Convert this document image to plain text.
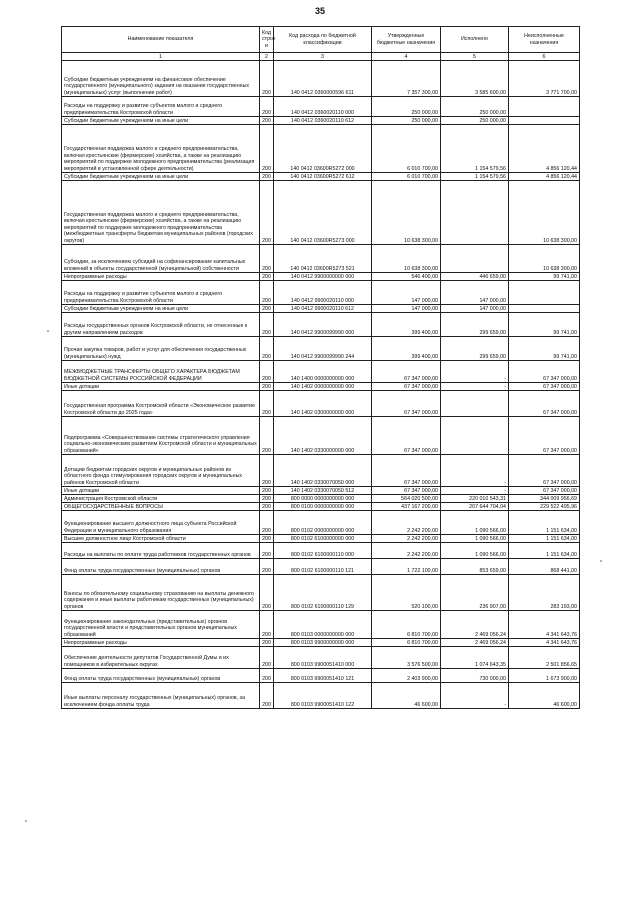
35
Наименование показателя	Код строк и	Код расхода по бюджетной классификации	Утвержденные бюджетные назначения	Исполнено	Неисполненные назначения
1	2	3	4	5	6
Субсидии бюджетным учреждениям на финансовое обеспечение государственного (муниципального) задания на оказание государственных (муниципальных) услуг (выполнение работ)	200	140 0412 0360000596 611	7 357 300,00	3 585 600,00	3 771 700,00
Расходы на поддержку и развитие субъектов малого и среднего предпринимательства Костромской области	200	140 0412 0360020110 000	250 000,00	250 000,00	
Субсидии бюджетным учреждениям на иные цели	200	140 0412 0360020110 612	250 000,00	250 000,00	
Государственная поддержка малого и среднего предпринимательства, включая крестьянские (фермерские) хозяйства, а также на реализацию мероприятий по поддержке молодежного предпринимательства (реализация мероприятий в установленной сфере деятельности)	200	140 0412 03600R5272 000	6 010 700,00	1 154 579,56	4 856 120,44
Субсидии бюджетным учреждениям на иные цели	200	140 0412 03600R5272 612	6 010 700,00	1 154 579,56	4 856 120,44
Государственная поддержка малого и среднего предпринимательства, включая крестьянские (фермерские) хозяйства, а также на реализацию мероприятий по поддержке молодежного предпринимательства (межбюджетные трансферты бюджетам муниципальных районов (городских округов)	200	140 0412 03600R5273 000	10 638 300,00		10 638 300,00
Субсидии, за исключением субсидий на софинансирование капитальных вложений в объекты государственной (муниципальной) собственности	200	140 0412 03600R5273 521	10 638 300,00		10 638 300,00
Непрограммные расходы	200	140 0412 9900000000 000	546 400,00	446 659,00	99 741,00
Расходы на поддержку и развитие субъектов малого и среднего предпринимательства Костромской области	200	140 0412 9900020110 000	147 000,00	147 000,00	
Субсидии бюджетным учреждениям на иные цели	200	140 0412 9900020110 612	147 000,00	147 000,00	
Расходы государственных органов Костромской области, не отнесенные к другим направлениям расходов	200	140 0412 9900099990 000	399 400,00	299 659,00	99 741,00
Прочая закупка товаров, работ и услуг для обеспечения государственных (муниципальных) нужд	200	140 0412 9900099990 244	399 400,00	299 659,00	99 741,00
МЕЖБЮДЖЕТНЫЕ ТРАНСФЕРТЫ ОБЩЕГО ХАРАКТЕРА БЮДЖЕТАМ БЮДЖЕТНОЙ СИСТЕМЫ РОССИЙСКОЙ ФЕДЕРАЦИИ	200	140 1400 0000000000 000	67 347 000,00	-	67 347 000,00
Иные дотации	200	140 1402 0000000000 000	67 347 000,00	-	67 347 000,00
Государственная программа Костромской области «Экономическое развитие Костромской области до 2025 года»	200	140 1402 0300000000 000	67 347 000,00		67 347 000,00
Подпрограмма «Совершенствование системы стратегического управления социально-экономическим развитием Костромской области и муниципальных образований»	200	140 1402 0330000000 000	67 347 000,00		67 347 000,00
Дотации бюджетам городских округов и муниципальных районов из областного фонда стимулирования городских округов и муниципальных районов Костромской области	200	140 1402 0330070050 000	67 347 000,00	-	67 347 000,00
Иные дотации	200	140 1402 0330070050 512	67 347 000,00	-	67 347 000,00
Администрация Костромской области	200	800 0000 0000000000 000	564 020 500,00	220 010 543,31	344 009 956,69
ОБЩЕГОСУДАРСТВЕННЫЕ ВОПРОСЫ	200	800 0100 0000000000 000	437 167 200,00	207 644 704,04	229 522 495,96
Функционирование высшего должностного лица субъекта Российской Федерации и муниципального образования	200	800 0102 0000000000 000	2 242 200,00	1 090 566,00	1 151 634,00
Высшее должностное лицо Костромской области	200	800 0102 6100000000 000	2 242 200,00	1 090 566,00	1 151 634,00
Расходы на выплаты по оплате труда работников государственных органов	200	800 0102 6100000110 000	2 242 200,00	1 090 566,00	1 151 634,00
Фонд оплаты труда государственных (муниципальных) органов	200	800 0102 6100000110 121	1 722 100,00	853 659,00	868 441,00
Взносы по обязательному социальному страхованию на выплаты денежного содержания и иные выплаты работникам государственных (муниципальных) органов	200	800 0102 6100000110 129	520 100,00	236 907,00	283 193,00
Функционирование законодательных (представительных) органов государственной власти и представительных органов муниципальных образований	200	800 0103 0000000000 000	6 810 700,00	2 469 056,24	4 341 643,76
Непрограммные расходы	200	800 0103 9900000000 000	6 810 700,00	2 469 056,24	4 341 643,76
Обеспечение деятельности депутатов Государственной Думы и их помощников в избирательных округах	200	800 0103 9900051410 000	3 576 500,00	1 074 643,35	2 501 856,65
Фонд оплаты труда государственных (муниципальных) органов	200	800 0103 9900051410 121	2 403 900,00	730 000,00	1 673 900,00
Иные выплаты персоналу государственных (муниципальных) органов, за исключением фонда оплаты труда	200	800 0103 9900051410 122	46 600,00	-	46 600,00
